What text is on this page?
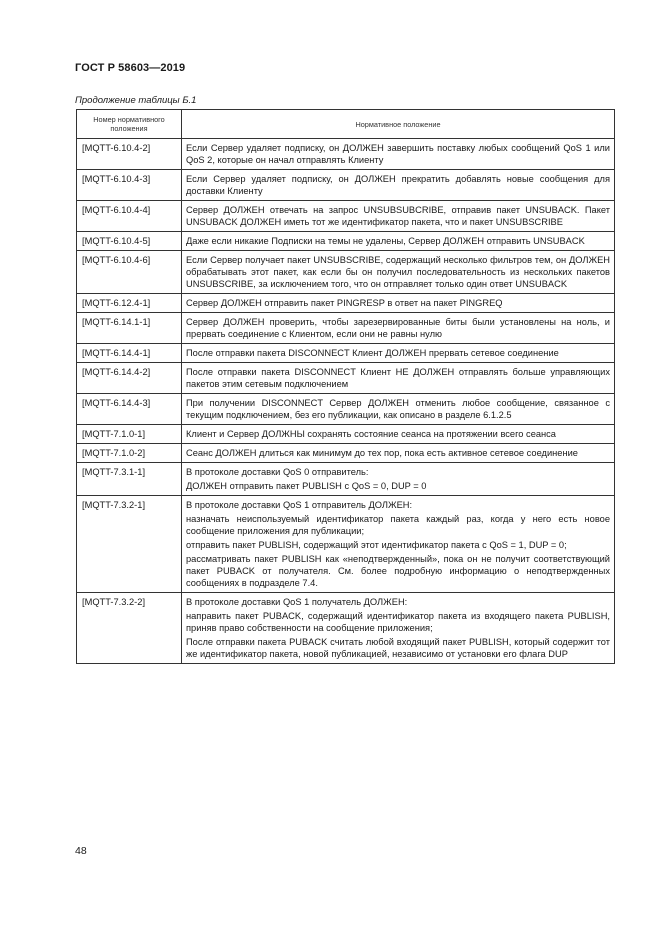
ГОСТ Р 58603—2019
Продолжение таблицы Б.1
Номер нормативного положения	Нормативное положение
[MQTT-6.10.4-2]	Если Сервер удаляет подписку, он ДОЛЖЕН завершить поставку любых сообщений QoS 1 или QoS 2, которые он начал отправлять Клиенту

[MQTT-6.10.4-3]	Если Сервер удаляет подписку, он ДОЛЖЕН прекратить добавлять новые сообщения для доставки Клиенту

[MQTT-6.10.4-4]	Сервер ДОЛЖЕН отвечать на запрос UNSUBSUBCRIBE, отправив пакет UNSUBACK. Пакет UNSUBACK ДОЛЖЕН иметь тот же идентификатор пакета, что и пакет UNSUBSCRIBE

[MQTT-6.10.4-5]	Даже если никакие Подписки на темы не удалены, Сервер ДОЛЖЕН отправить UNSUBACK

[MQTT-6.10.4-6]	Если Сервер получает пакет UNSUBSCRIBE, содержащий несколько фильтров тем, он ДОЛЖЕН обрабатывать этот пакет, как если бы он получил последовательность из нескольких пакетов UNSUBSCRIBE, за исключением того, что он отправляет только один ответ UNSUBACK

[MQTT-6.12.4-1]	Сервер ДОЛЖЕН отправить пакет PINGRESP в ответ на пакет PINGREQ

[MQTT-6.14.1-1]	Сервер ДОЛЖЕН проверить, чтобы зарезервированные биты были установлены на ноль, и прервать соединение с Клиентом, если они не равны нулю

[MQTT-6.14.4-1]	После отправки пакета DISCONNECT Клиент ДОЛЖЕН прервать сетевое соединение

[MQTT-6.14.4-2]	После отправки пакета DISCONNECT Клиент НЕ ДОЛЖЕН отправлять больше управляющих пакетов этим сетевым подключением

[MQTT-6.14.4-3]	При получении DISCONNECT Сервер ДОЛЖЕН отменить любое сообщение, связанное с текущим подключением, без его публикации, как описано в разделе 6.1.2.5

[MQTT-7.1.0-1]	Клиент и Сервер ДОЛЖНЫ сохранять состояние сеанса на протяжении всего сеанса

[MQTT-7.1.0-2]	Сеанс ДОЛЖЕН длиться как минимум до тех пор, пока есть активное сетевое соединение

[MQTT-7.3.1-1]	В протоколе доставки QoS 0 отправитель:
ДОЛЖЕН отправить пакет PUBLISH с QoS = 0, DUP = 0

[MQTT-7.3.2-1]	В протоколе доставки QoS 1 отправитель ДОЛЖЕН:
назначать неиспользуемый идентификатор пакета каждый раз, когда у него есть новое сообщение приложения для публикации;
отправить пакет PUBLISH, содержащий этот идентификатор пакета с QoS = 1, DUP = 0;
рассматривать пакет PUBLISH как «неподтвержденный», пока он не получит соответствующий пакет PUBACK от получателя. См. более подробную информацию о неподтвержденных сообщениях в подразделе 7.4.

[MQTT-7.3.2-2]	В протоколе доставки QoS 1 получатель ДОЛЖЕН:
направить пакет PUBACK, содержащий идентификатор пакета из входящего пакета PUBLISH, приняв право собственности на сообщение приложения;
После отправки пакета PUBACK считать любой входящий пакет PUBLISH, который содержит тот же идентификатор пакета, новой публикацией, независимо от установки его флага DUP
48
